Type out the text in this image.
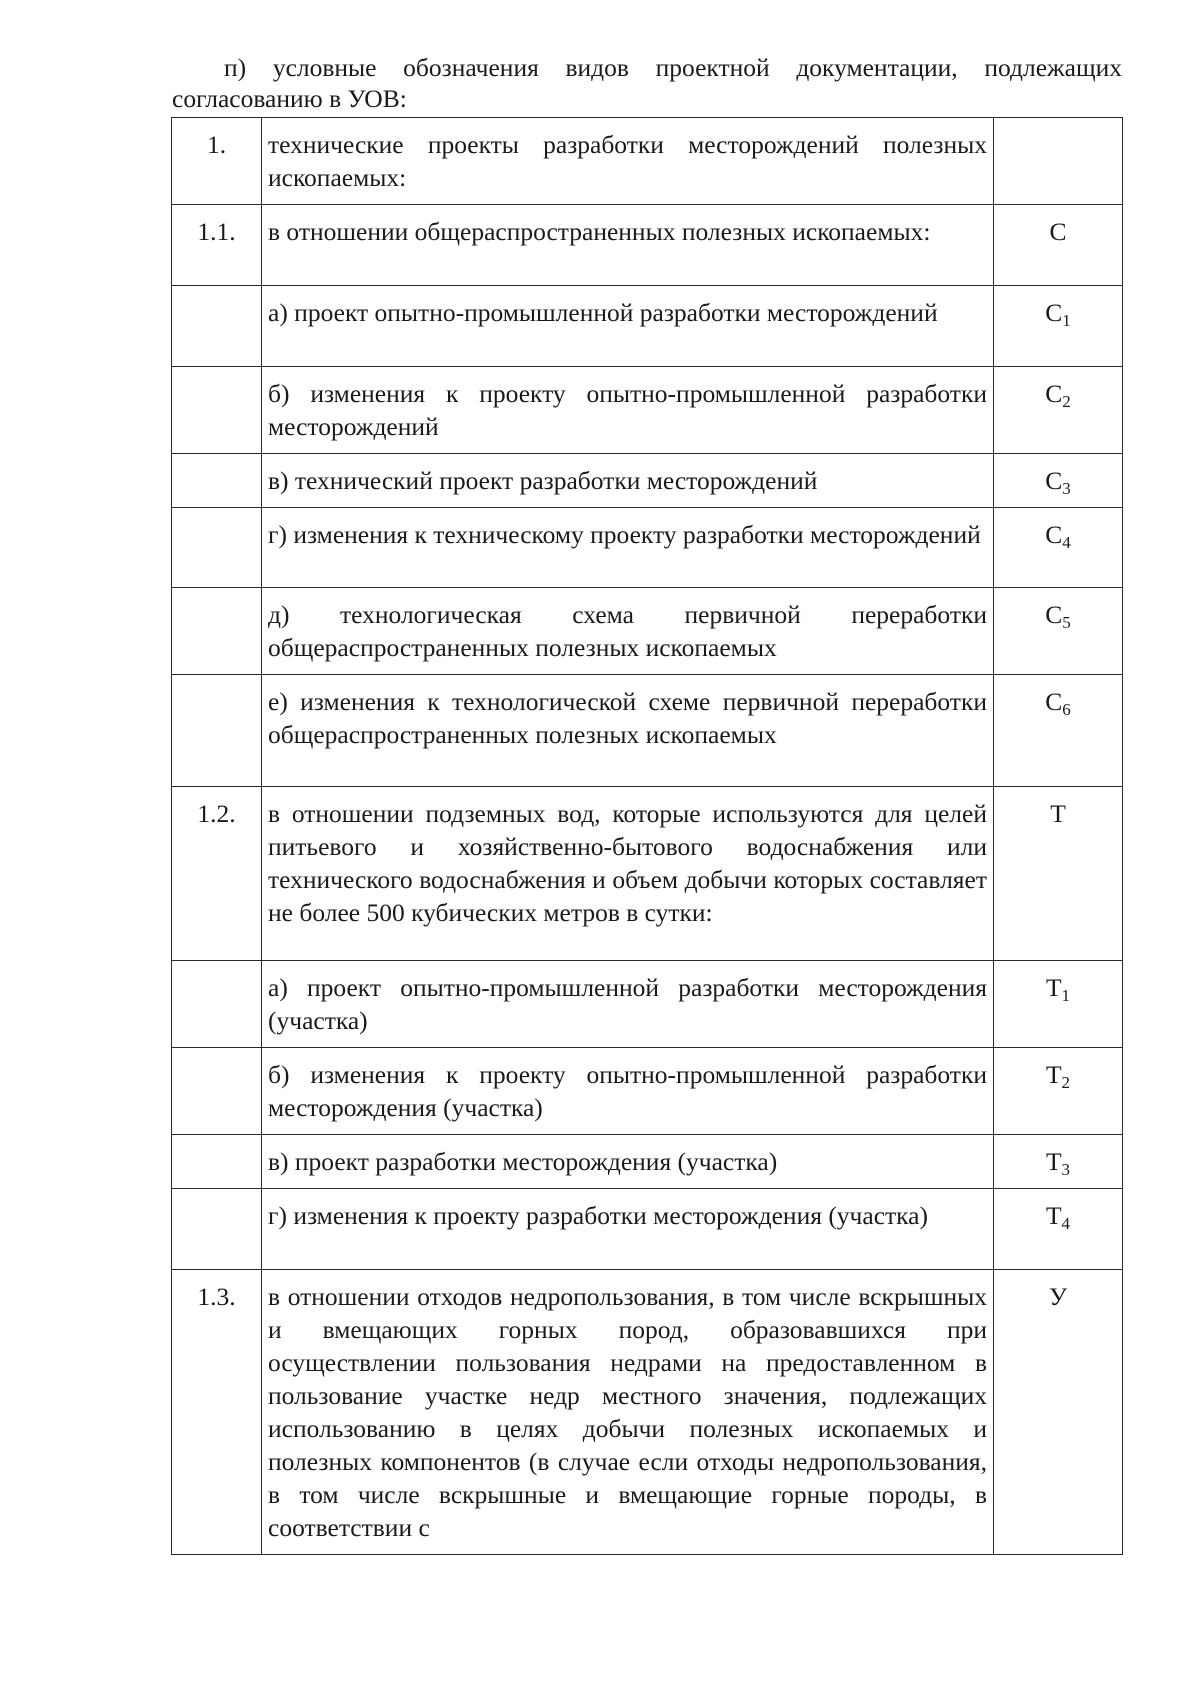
п) условные обозначения видов проектной документации, подлежащих согласованию в УОВ:
1.	технические проекты разработки месторождений полезных ископаемых:	
1.1.	в отношении общераспространенных полезных ископаемых:	С
	а) проект опытно-промышленной разработки месторождений	$С_1$
	б) изменения к проекту опытно-промышленной разработки месторождений	$С_2$
	в) технический проект разработки месторождений	$С_3$
	г) изменения к техническому проекту разработки месторождений	$С_4$
	д) технологическая схема первичной переработки общераспространенных полезных ископаемых	$С_5$
	е) изменения к технологической схеме первичной переработки общераспространенных полезных ископаемых	$С_6$
1.2.	в отношении подземных вод, которые используются для целей питьевого и хозяйственно-бытового водоснабжения или технического водоснабжения и объем добычи которых составляет не более 500 кубических метров в сутки:	Т
	а) проект опытно-промышленной разработки месторождения (участка)	$Т_1$
	б) изменения к проекту опытно-промышленной разработки месторождения (участка)	$Т_2$
	в) проект разработки месторождения (участка)	$Т_3$
	г) изменения к проекту разработки месторождения (участка)	$Т_4$
1.3.	в отношении отходов недропользования, в том числе вскрышных и вмещающих горных пород, образовавшихся при осуществлении пользования недрами на предоставленном в пользование участке недр местного значения, подлежащих использованию в целях добычи полезных ископаемых и полезных компонентов (в случае если отходы недропользования, в том числе вскрышные и вмещающие горные породы, в соответствии с	У
